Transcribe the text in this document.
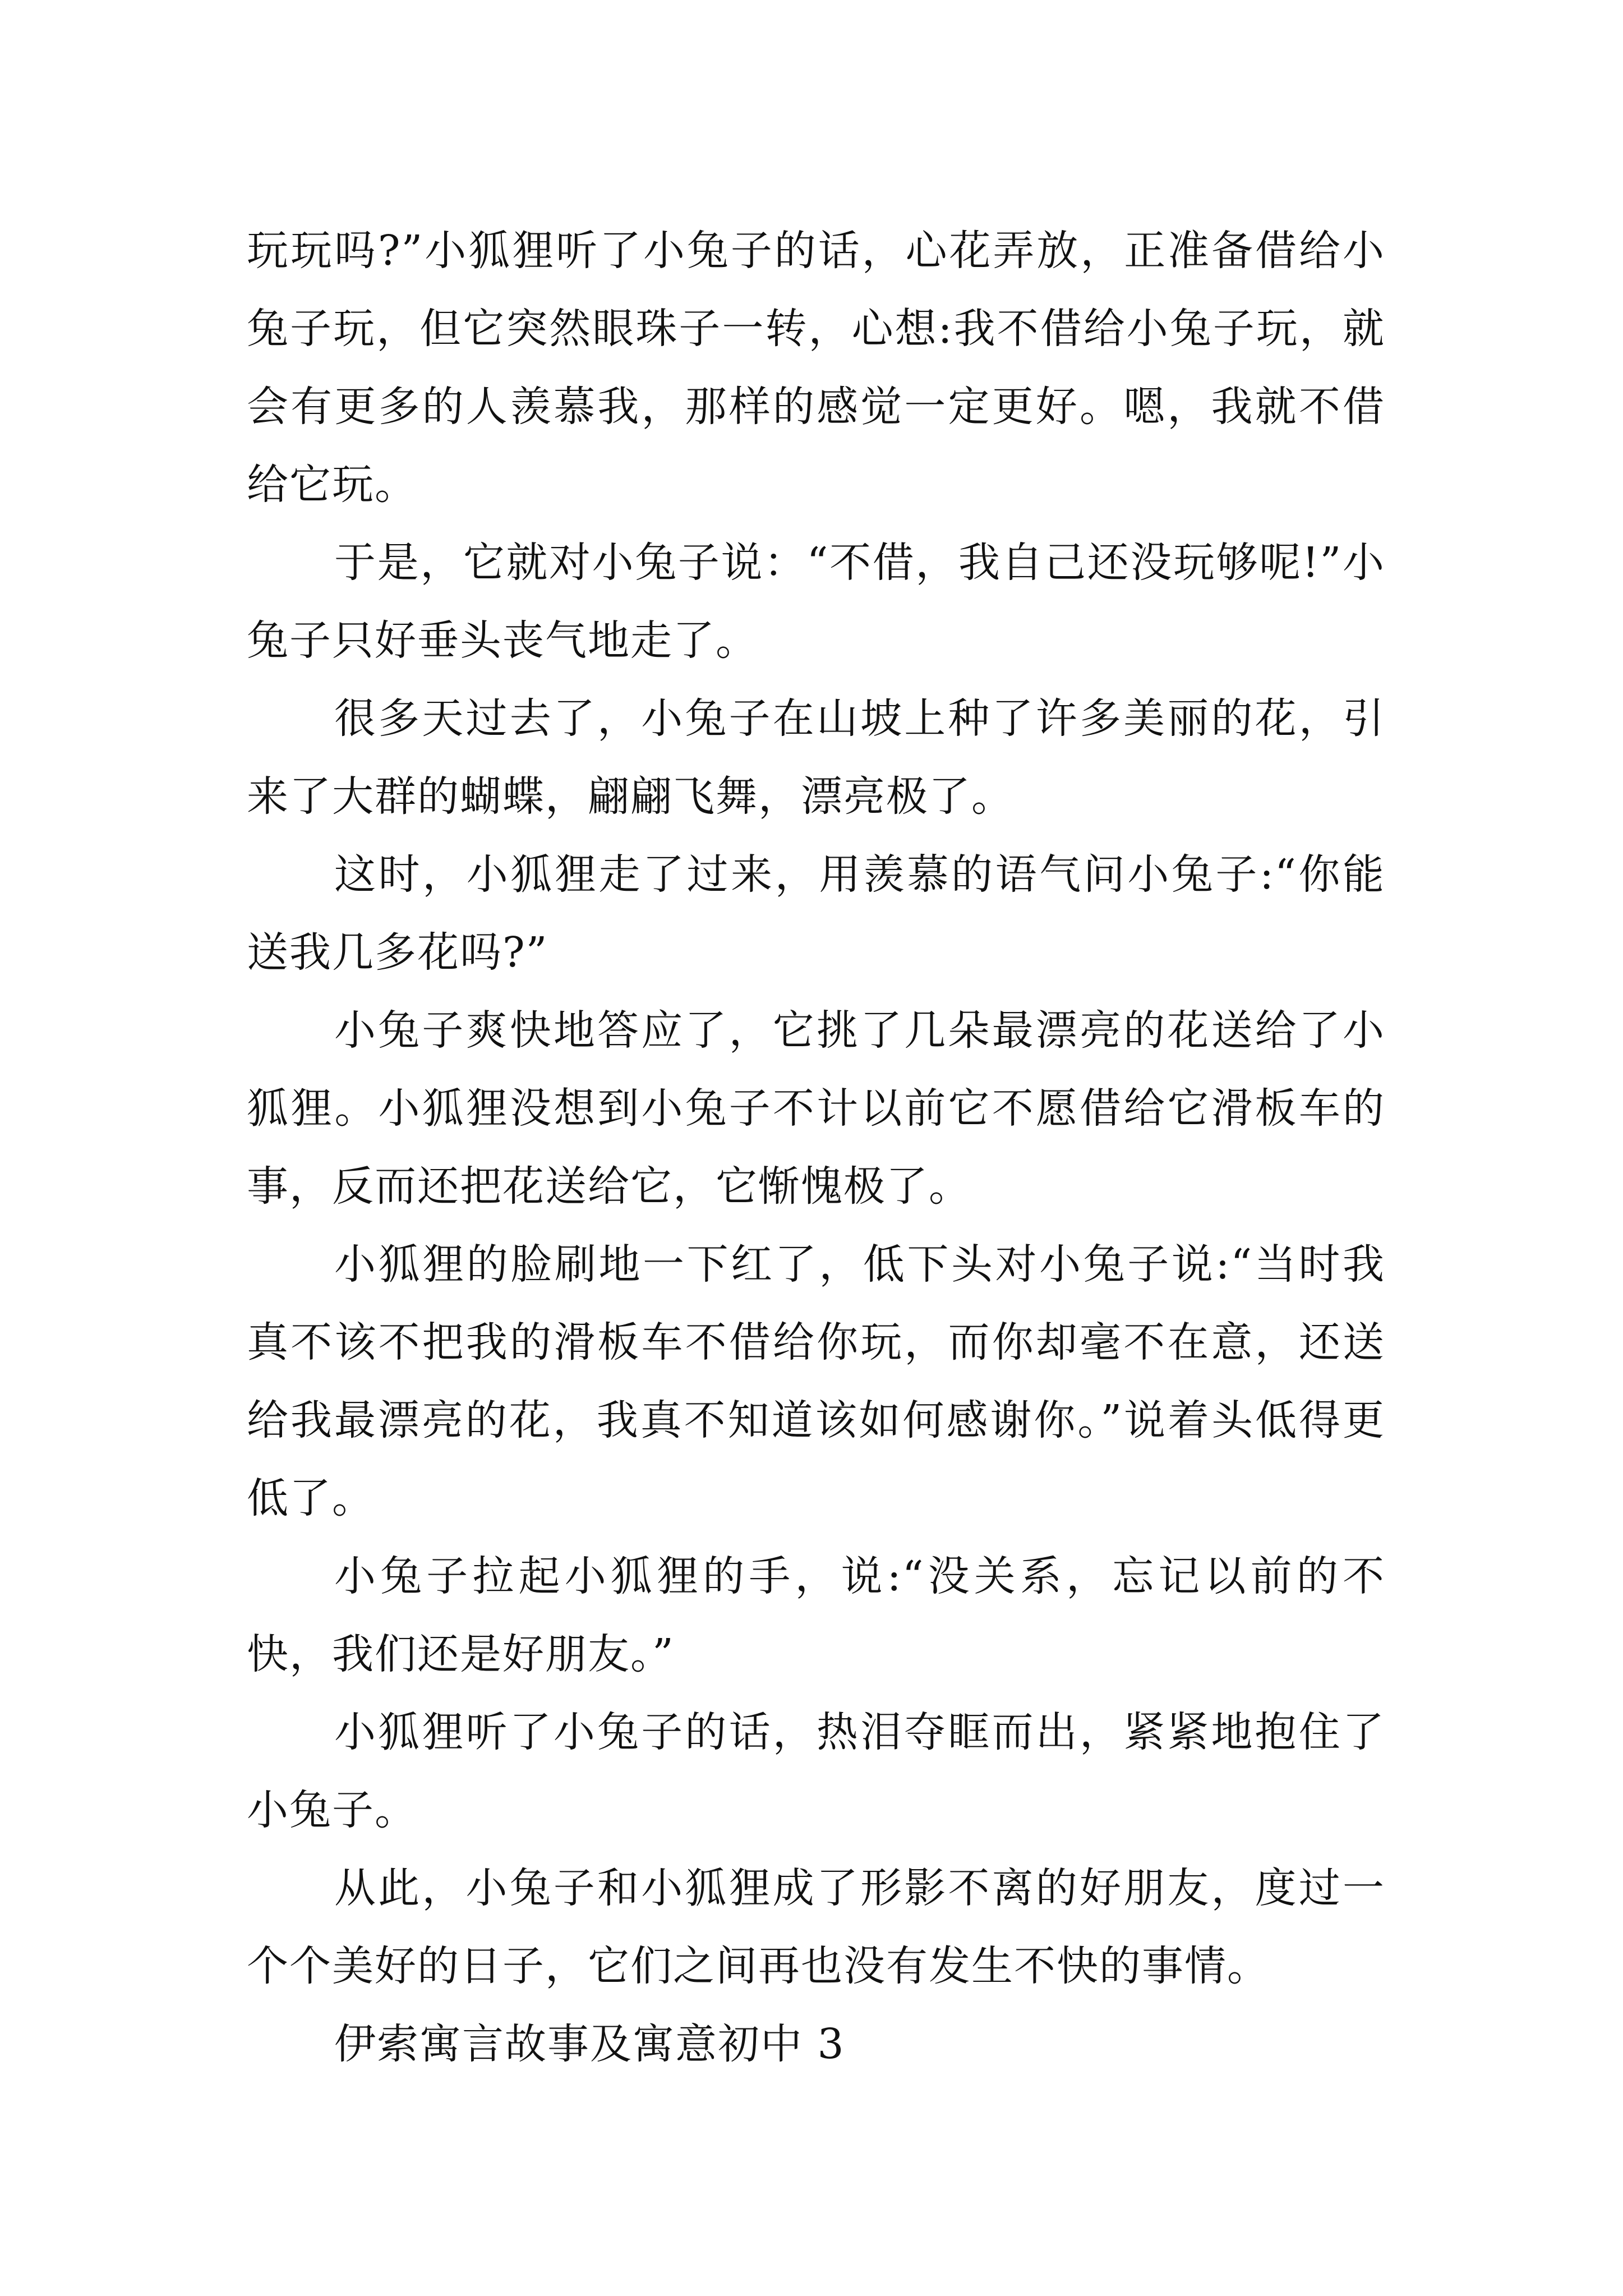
玩玩吗?”小狐狸听了小兔子的话，心花弄放，正准备借给小兔子玩，但它突然眼珠子一转，心想:我不借给小兔子玩，就会有更多的人羡慕我，那样的感觉一定更好。嗯，我就不借给它玩。

于是，它就对小兔子说：“不借，我自己还没玩够呢!”小兔子只好垂头丧气地走了。

很多天过去了，小兔子在山坡上种了许多美丽的花，引来了大群的蝴蝶，翩翩飞舞，漂亮极了。

这时，小狐狸走了过来，用羡慕的语气问小兔子:“你能送我几多花吗?”

小兔子爽快地答应了，它挑了几朵最漂亮的花送给了小狐狸。小狐狸没想到小兔子不计以前它不愿借给它滑板车的事，反而还把花送给它，它惭愧极了。

小狐狸的脸刷地一下红了，低下头对小兔子说:“当时我真不该不把我的滑板车不借给你玩，而你却毫不在意，还送给我最漂亮的花，我真不知道该如何感谢你。”说着头低得更低了。

小兔子拉起小狐狸的手，说:“没关系，忘记以前的不快，我们还是好朋友。”

小狐狸听了小兔子的话，热泪夺眶而出，紧紧地抱住了小兔子。

从此，小兔子和小狐狸成了形影不离的好朋友，度过一个个美好的日子，它们之间再也没有发生不快的事情。

伊索寓言故事及寓意初中 3
